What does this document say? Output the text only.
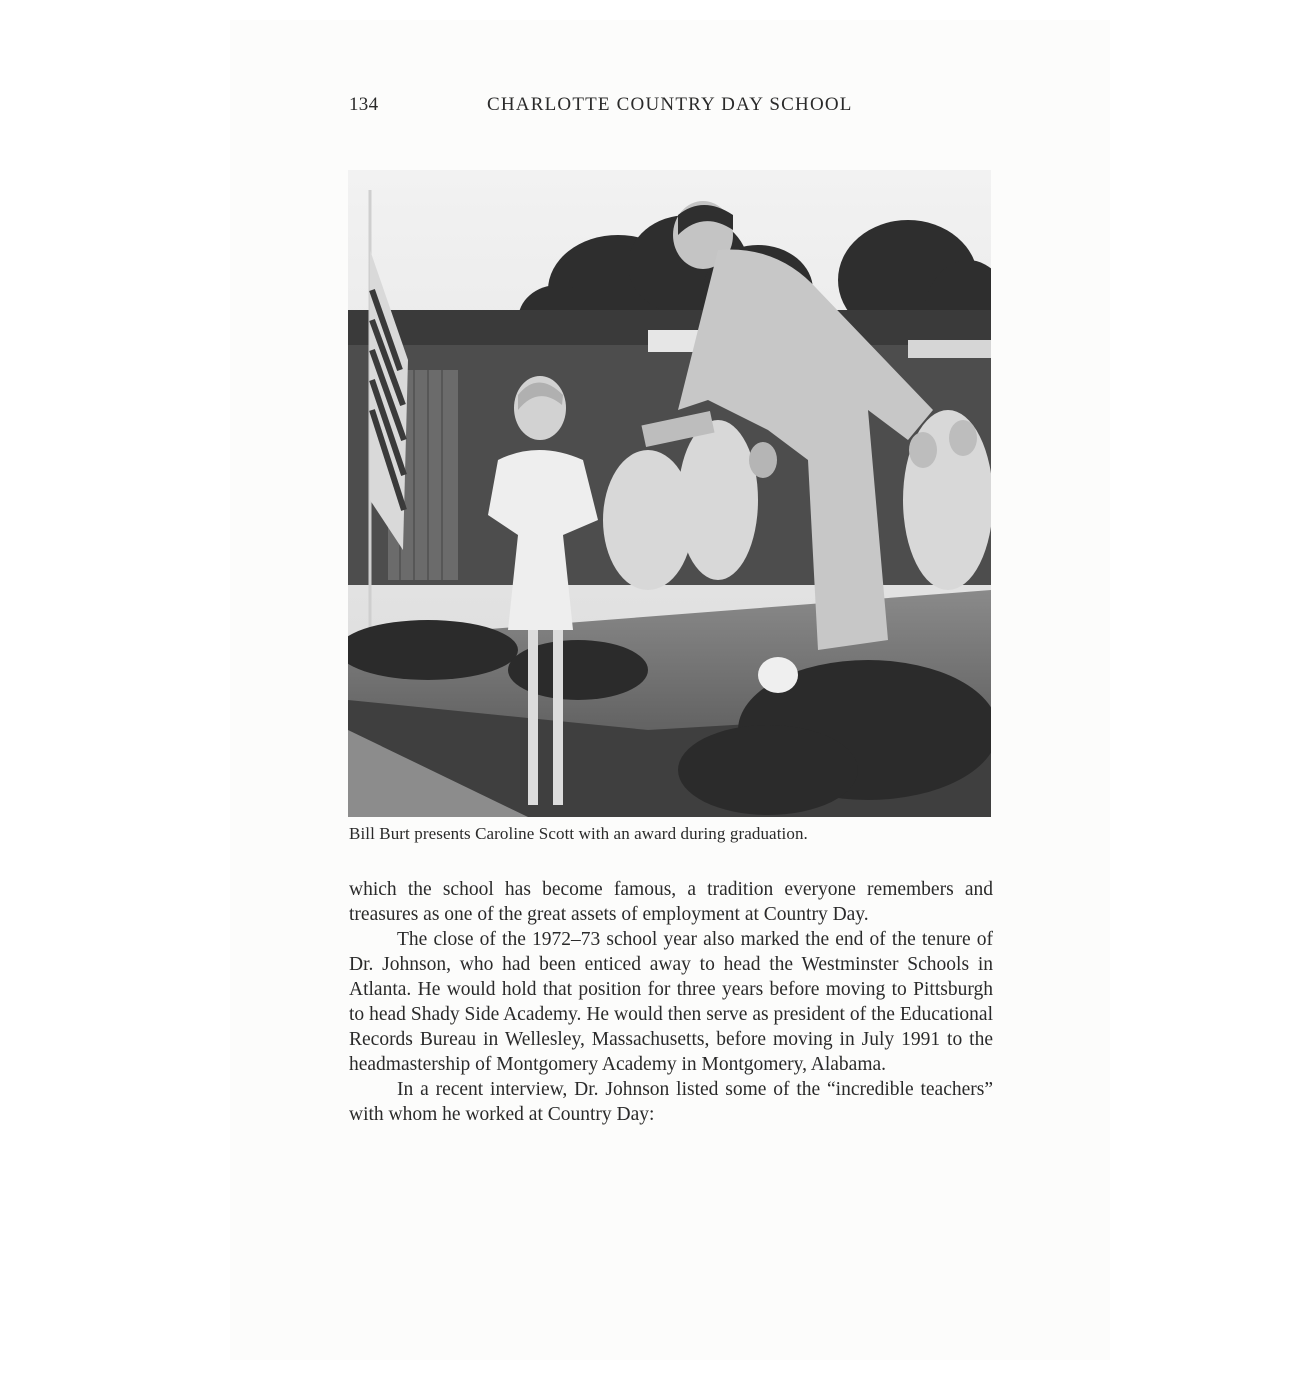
134	CHARLOTTE COUNTRY DAY SCHOOL
Bill Burt presents Caroline Scott with an award during graduation.

which the school has become famous, a tradition everyone remembers and treasures as one of the great assets of employment at Country Day.

The close of the 1972–73 school year also marked the end of the tenure of Dr. Johnson, who had been enticed away to head the Westminster Schools in Atlanta. He would hold that position for three years before moving to Pittsburgh to head Shady Side Academy. He would then serve as president of the Educational Records Bureau in Wellesley, Massachusetts, before moving in July 1991 to the headmastership of Montgomery Academy in Montgomery, Alabama.

In a recent interview, Dr. Johnson listed some of the “incredible teachers” with whom he worked at Country Day:
